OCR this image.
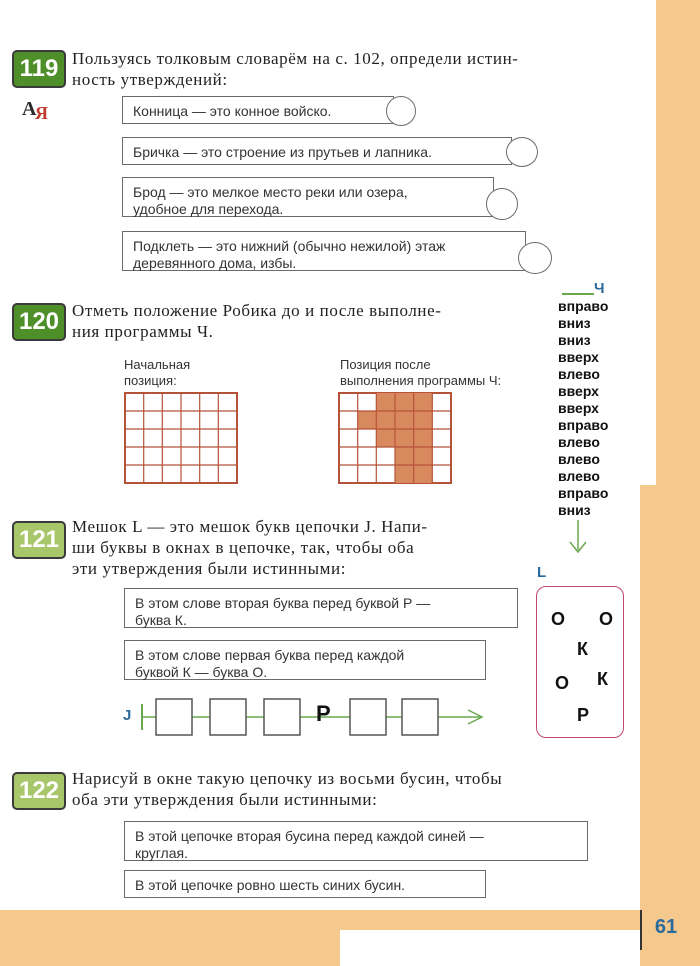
61
119 Пользуясь толковым словарём на с. 102, определи истин-
ность утверждений:
А
Я	Конница — это конное войско.
Бричка — это строение из прутьев и лапника.
Брод — это мелкое место реки или озера,
удобное для перехода.
Подклеть — это нижний (обычно нежилой) этаж
деревянного дома, избы.
120 Отметь положение Робика до и после выполне-
ния программы Ч.
Начальная
позиция:
Позиция после
выполнения программы Ч:
Ч
вправо
вниз
вниз
вверх
влево
вверх
вверх
вправо
влево
влево
влево
вправо
вниз
121 Мешок L — это мешок букв цепочки J. Напи-
ши буквы в окнах в цепочке, так, чтобы оба
эти утверждения были истинными:
В этом слове вторая буква перед буквой Р —
буква К.
В этом слове первая буква перед каждой
буквой К — буква О.
J	Р
L
О О
К
О К
Р
122 Нарисуй в окне такую цепочку из восьми бусин, чтобы
оба эти утверждения были истинными:
В этой цепочке вторая бусина перед каждой синей —
круглая.
В этой цепочке ровно шесть синих бусин.
